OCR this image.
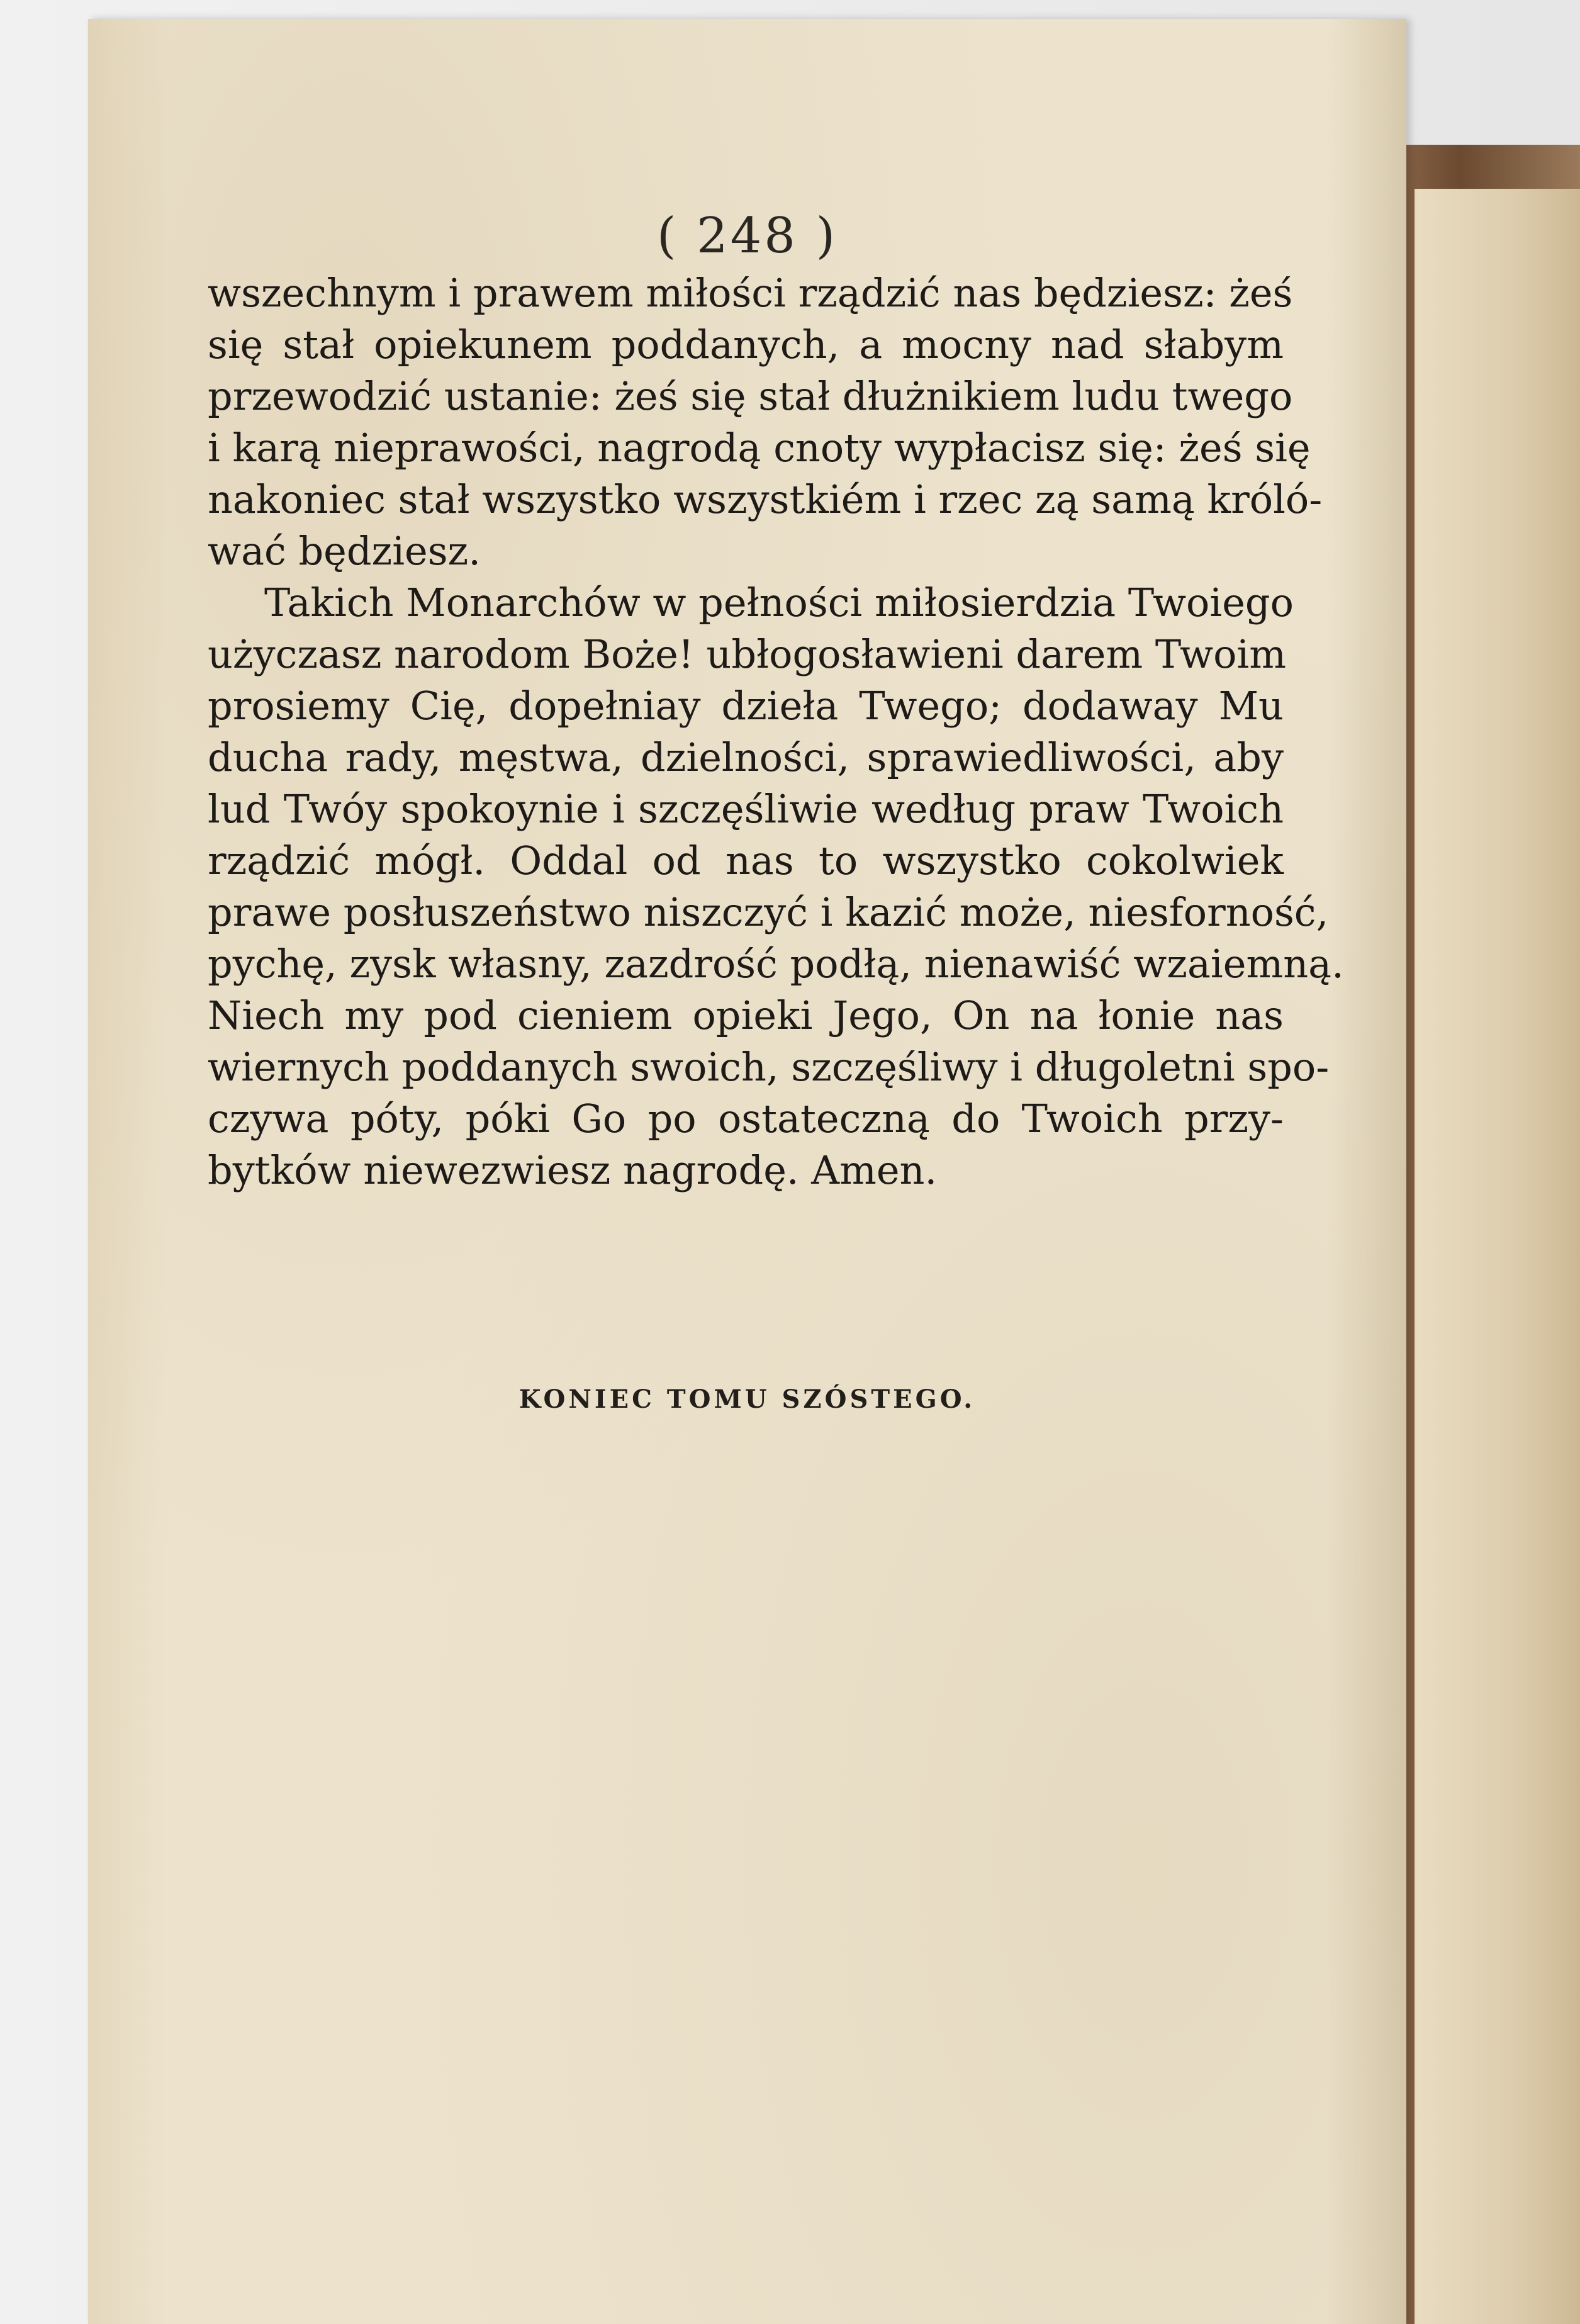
( 248 )

wszechnym i prawem miłości rządzić nas będziesz: żeś
się stał opiekunem poddanych, a mocny nad słabym
przewodzić ustanie: żeś się stał dłużnikiem ludu twego
i karą nieprawości, nagrodą cnoty wypłacisz się: żeś się
nakoniec stał wszystko wszystkiém i rzec zą samą króló-
wać będziesz.

Takich Monarchów w pełności miłosierdzia Twoiego
użyczasz narodom Boże! ubłogosławieni darem Twoim
prosiemy Cię, dopełniay dzieła Twego; dodaway Mu
ducha rady, męstwa, dzielności, sprawiedliwości, aby
lud Twóy spokoynie i szczęśliwie według praw Twoich
rządzić mógł. Oddal od nas to wszystko cokolwiek
prawe posłuszeństwo niszczyć i kazić może, niesforność,
pychę, zysk własny, zazdrość podłą, nienawiść wzaiemną.
Niech my pod cieniem opieki Jego, On na łonie nas
wiernych poddanych swoich, szczęśliwy i długoletni spo-
czywa póty, póki Go po ostateczną do Twoich przy-
bytków niewezwiesz nagrodę. Amen.

KONIEC TOMU SZÓSTEGO.
